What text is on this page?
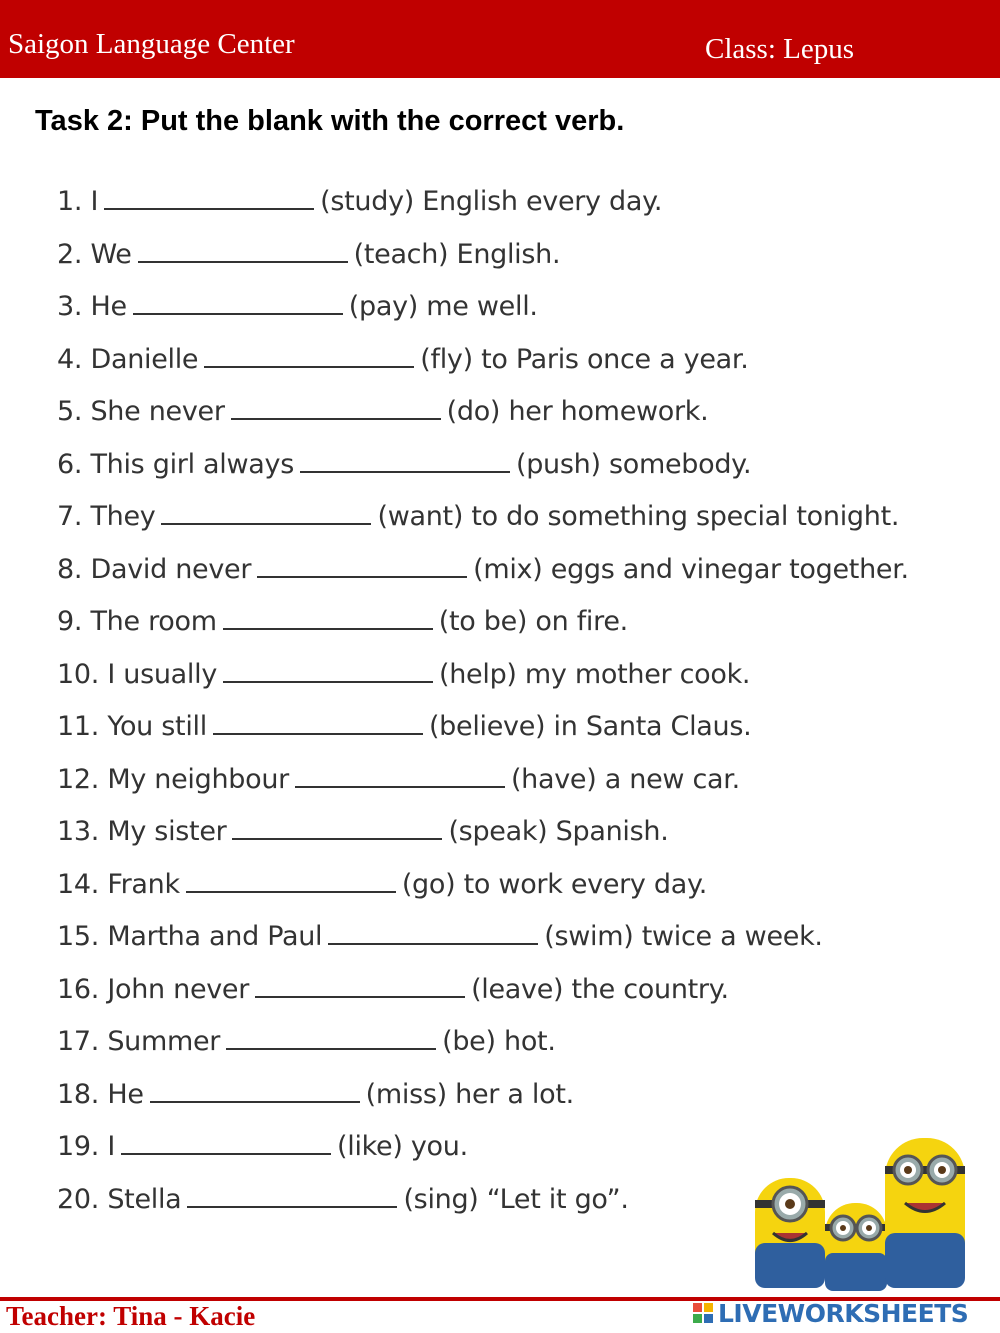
Saigon Language Center	Class: Lepus
Task 2: Put the blank with the correct verb.
1. I	(study) English every day.
2. We	(teach) English.
3. He	(pay) me well.
4. Danielle	(fly) to Paris once a year.
5. She never	(do) her homework.
6. This girl always	(push) somebody.
7. They	(want) to do something special tonight.
8. David never	(mix) eggs and vinegar together.
9. The room	(to be) on fire.
10. I usually	(help) my mother cook.
11. You still	(believe) in Santa Claus.
12. My neighbour	(have) a new car.
13. My sister	(speak) Spanish.
14. Frank	(go) to work every day.
15. Martha and Paul	(swim) twice a week.
16. John never	(leave) the country.
17. Summer	(be) hot.
18. He	(miss) her a lot.
19. I	(like) you.
20. Stella	(sing) “Let it go”.
Teacher: Tina - Kacie	LIVEWORKSHEETS
